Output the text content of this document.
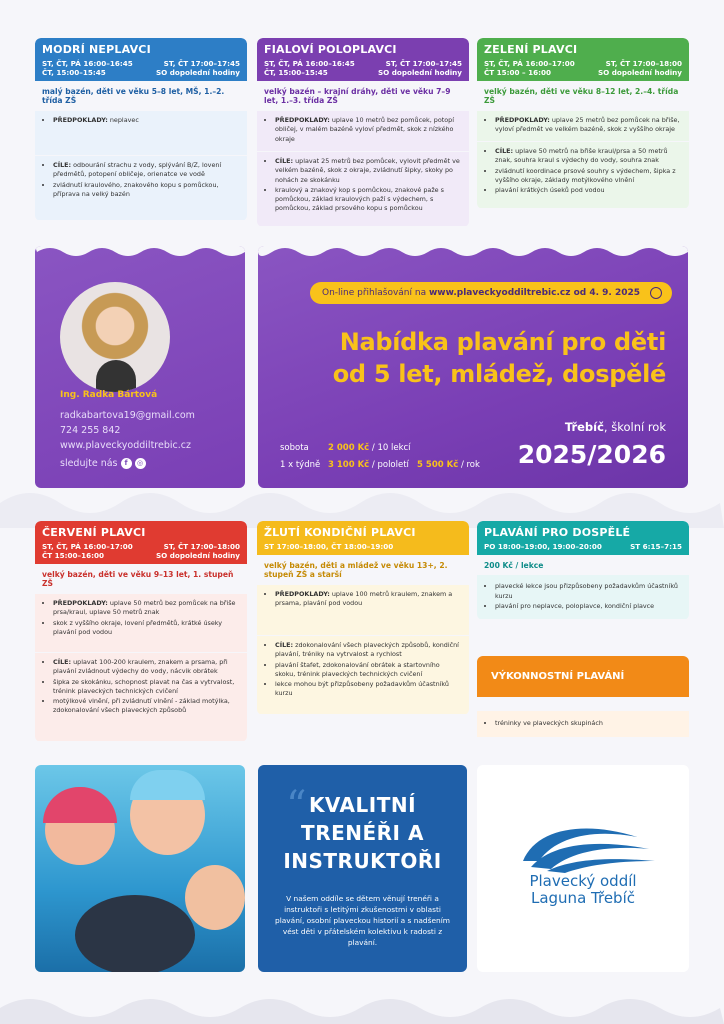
MODRÍ NEPLAVCI
ST, ČT, PÁ 16:00–16:45	ST, ČT 17:00–17:45
ČT, 15:00–15:45	SO dopolední hodiny
malý bazén, děti ve věku 5–8 let, MŠ, 1.–2. třída ZŠ
• PŘEDPOKLADY: neplavec
• CÍLE: odbourání strachu z vody, splývání B/Z, lovení předmětů, potopení obličeje, orienatce ve vodě
• zvládnutí kraulového, znakového kopu s pomůckou, příprava na velký bazén
FIALOVÍ POLOPLAVCI
ST, ČT, PÁ 16:00–16:45	ST, ČT 17:00–17:45
ČT, 15:00–15:45	SO dopolední hodiny
velký bazén – krajní dráhy, děti ve věku 7–9 let, 1.–3. třída ZŠ
• PŘEDPOKLADY: uplave 10 metrů bez pomůcek, potopí obličej, v malém bazéně vyloví předmět, skok z nízkého okraje
• CÍLE: uplavat 25 metrů bez pomůcek, vylovit předmět ve velkém bazéně, skok z okraje, zvládnutí šipky, skoky po nohách ze skokánku
• kraulový a znakový kop s pomůckou, znakové paže s pomůckou, základ kraulových paží s výdechem, s pomůckou, základ prsového kopu s pomůckou
ZELENÍ PLAVCI
ST, ČT, PÁ 16:00–17:00	ST, ČT 17:00–18:00
ČT 15:00 – 16:00	SO dopolední hodiny
velký bazén, děti ve věku 8–12 let, 2.–4. třída ZŠ
• PŘEDPOKLADY: uplave 25 metrů bez pomůcek na břiše, vyloví předmět ve velkém bazéně, skok z vyššího okraje
• CÍLE: uplave 50 metrů na břiše kraul/prsa a 50 metrů znak, souhra kraul s výdechy do vody, souhra znak
• zvládnutí koordinace prsové souhry s výdechem, šipka z vyššího okraje, základy motýlkového vlnění
• plavání krátkých úseků pod vodou
Ing. Radka Bártová
radkabartova19@gmail.com
724 255 842
www.plaveckyoddiltrebic.cz
sledujte nás f ◎
On-line přihlašování na www.plaveckyoddiltrebic.cz od 4. 9. 2025
Nabídka plavání pro děti
od 5 let, mládež, dospělé
Třebíč, školní rok
2025/2026
sobota 2 000 Kč / 10 lekcí
1 x týdně 3 100 Kč / pololetí 5 500 Kč / rok
ČERVENÍ PLAVCI
ST, ČT, PÁ 16:00–17:00	ST, ČT 17:00–18:00
ČT 15:00–16:00	SO dopolední hodiny
velký bazén, děti ve věku 9–13 let, 1. stupeň ZŠ
• PŘEDPOKLADY: uplave 50 metrů bez pomůcek na břiše prsa/kraul, uplave 50 metrů znak
• skok z vyššího okraje, lovení předmětů, krátké úseky plavání pod vodou
• CÍLE: uplavat 100-200 kraulem, znakem a prsama, při plavání zvládnout výdechy do vody, nácvik obrátek
• šipka ze skokánku, schopnost plavat na čas a vytrvalost, trénink plaveckých technických cvičení
• motýlkové vlnění, při zvládnutí vlnění - základ motýlka, zdokonalování všech plaveckých způsobů
ŽLUTÍ KONDIČNÍ PLAVCI
ST 17:00–18:00, ČT 18:00–19:00
velký bazén, děti a mládež ve věku 13+, 2. stupeň ZŠ a starší
• PŘEDPOKLADY: uplave 100 metrů kraulem, znakem a prsama, plavání pod vodou
• CÍLE: zdokonalování všech plaveckých způsobů, kondiční plavání, tréniky na vytrvalost a rychlost
• plavání štafet, zdokonalování obrátek a startovního skoku, trénink plaveckých technických cvičení
• lekce mohou být přizpůsobeny požadavkům účastníků kurzu
PLAVÁNÍ PRO DOSPĚLÉ
PO 18:00–19:00, 19:00–20:00	ST 6:15–7:15
200 Kč / lekce
• plavecké lekce jsou přizpůsobeny požadavkům účastníků kurzu
• plavání pro neplavce, poloplavce, kondiční plavce
VÝKONNOSTNÍ PLAVÁNÍ
• tréninky ve plaveckých skupinách
“ KVALITNÍ
TRENÉŘI A
INSTRUKTOŘI
V našem oddíle se dětem věnují trenéři a instruktoři s letitými zkušenostmi v oblasti plavání, osobní plaveckou historií a s nadšením vést děti v přátelském kolektivu k radosti z plavání.
Plavecký oddíl
Laguna Třebíč
